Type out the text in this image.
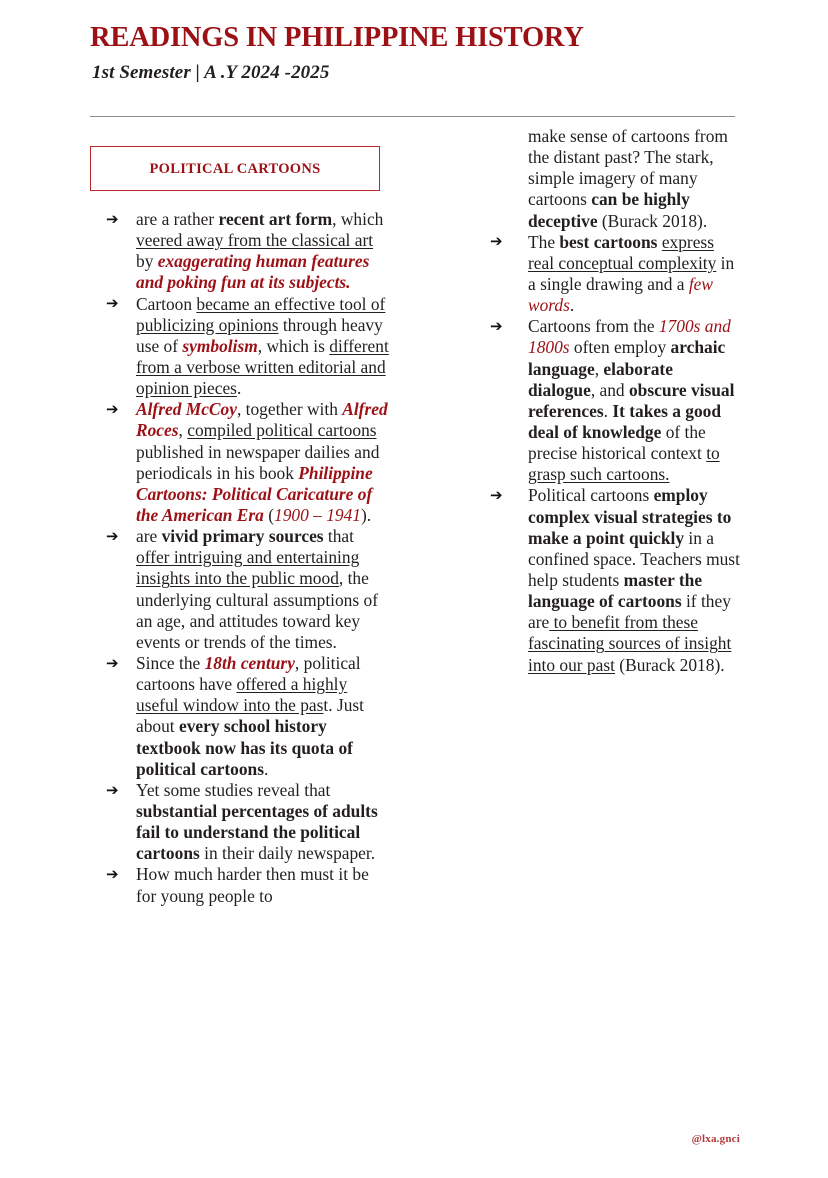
READINGS IN PHILIPPINE HISTORY
1st Semester | A .Y 2024 -2025
POLITICAL CARTOONS
➔ are a rather recent art form, which veered away from the classical art by exaggerating human features and poking fun at its subjects.
➔ Cartoon became an effective tool of publicizing opinions through heavy use of symbolism, which is different from a verbose written editorial and opinion pieces.
➔ Alfred McCoy, together with Alfred Roces, compiled political cartoons published in newspaper dailies and periodicals in his book Philippine Cartoons: Political Caricature of the American Era (1900 – 1941).
➔ are vivid primary sources that offer intriguing and entertaining insights into the public mood, the underlying cultural assumptions of an age, and attitudes toward key events or trends of the times.
➔ Since the 18th century, political cartoons have offered a highly useful window into the past. Just about every school history textbook now has its quota of political cartoons.
➔ Yet some studies reveal that substantial percentages of adults fail to understand the political cartoons in their daily newspaper.
➔ How much harder then must it be for young people to

make sense of cartoons from the distant past? The stark, simple imagery of many cartoons can be highly deceptive (Burack 2018).

➔ The best cartoons express real conceptual complexity in a single drawing and a few words.
➔ Cartoons from the 1700s and 1800s often employ archaic language, elaborate dialogue, and obscure visual references. It takes a good deal of knowledge of the precise historical context to grasp such cartoons.
➔ Political cartoons employ complex visual strategies to make a point quickly in a confined space. Teachers must help students master the language of cartoons if they are to benefit from these fascinating sources of insight into our past (Burack 2018).
@lxa.gnci
